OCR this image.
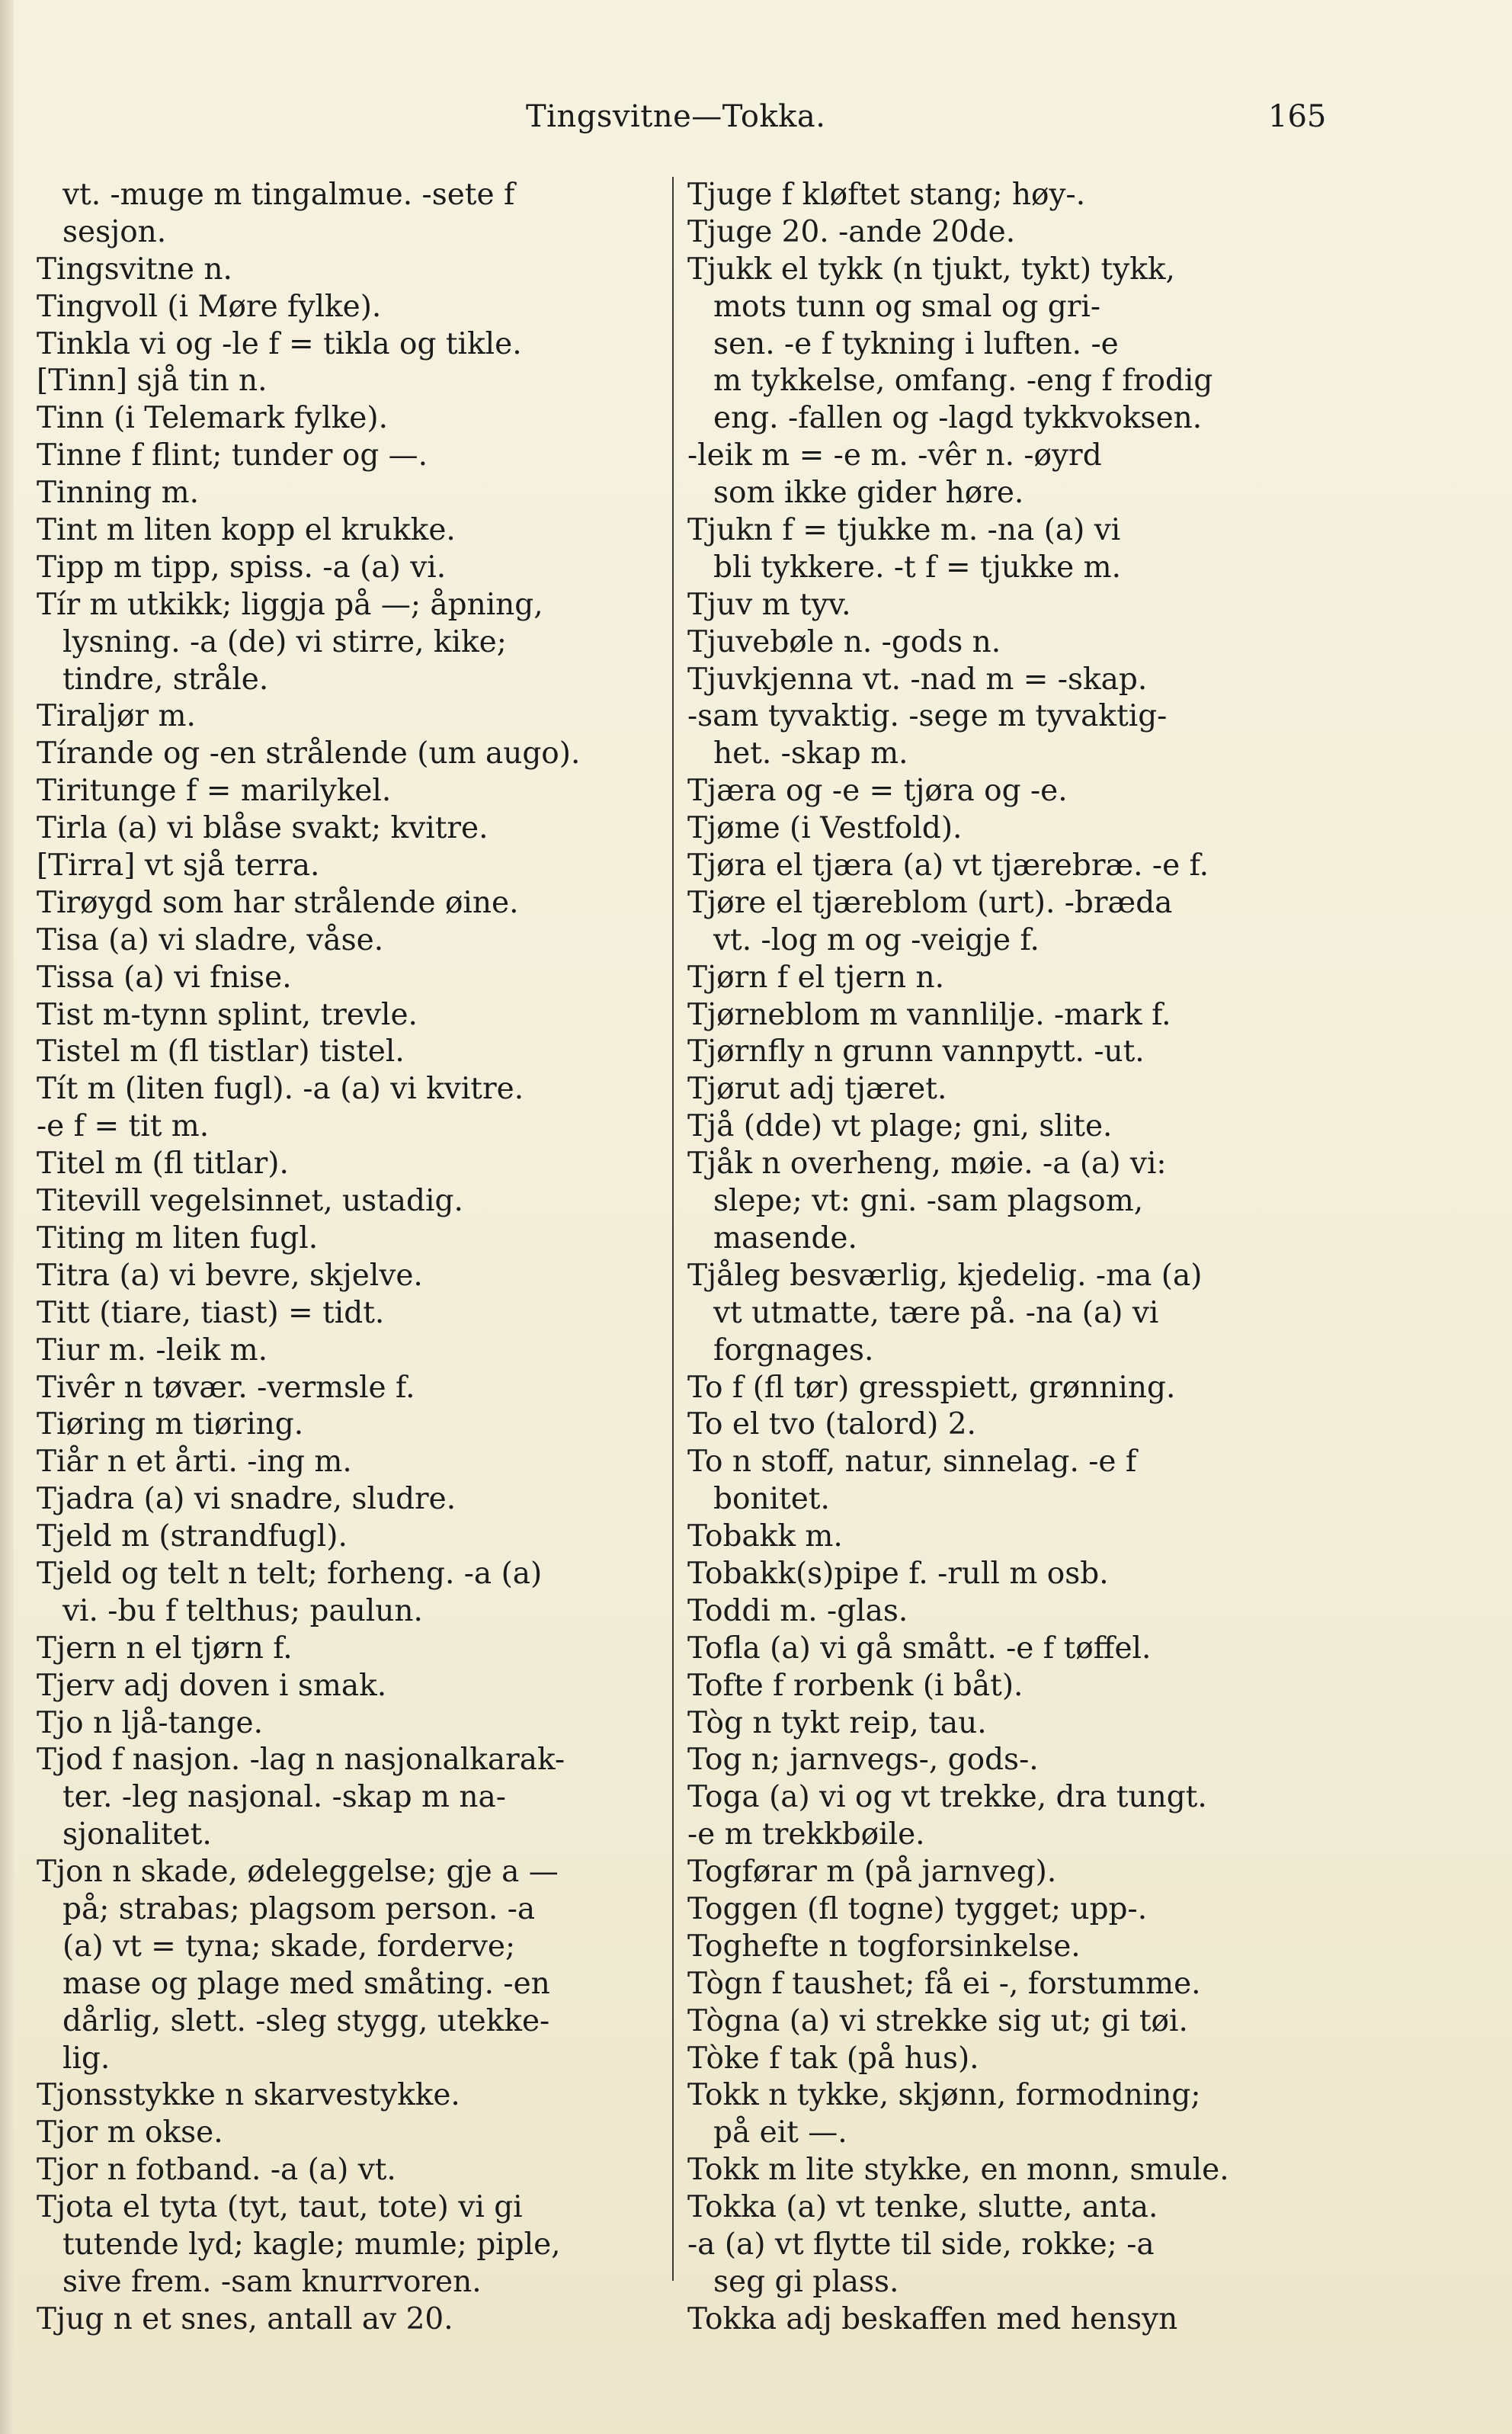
Tingsvitne—Tokka.	165
vt. -muge m tingalmue. -sete f
sesjon.
Tingsvitne n.
Tingvoll (i Møre fylke).
Tinkla vi og -le f = tikla og tikle.
[Tinn] sjå tin n.
Tinn (i Telemark fylke).
Tinne f flint; tunder og —.
Tinning m.
Tint m liten kopp el krukke.
Tipp m tipp, spiss. -a (a) vi.
Tír m utkikk; liggja på —; åpning,
lysning. -a (de) vi stirre, kike;
tindre, stråle.
Tiraljør m.
Tírande og -en strålende (um augo).
Tiritunge f = marilykel.
Tirla (a) vi blåse svakt; kvitre.
[Tirra] vt sjå terra.
Tirøygd som har strålende øine.
Tisa (a) vi sladre, våse.
Tissa (a) vi fnise.
Tist m-tynn splint, trevle.
Tistel m (fl tistlar) tistel.
Tít m (liten fugl). -a (a) vi kvitre.
-e f = tit m.
Titel m (fl titlar).
Titevill vegelsinnet, ustadig.
Titing m liten fugl.
Titra (a) vi bevre, skjelve.
Titt (tiare, tiast) = tidt.
Tiur m. -leik m.
Tivêr n tøvær. -vermsle f.
Tiøring m tiøring.
Tiår n et årti. -ing m.
Tjadra (a) vi snadre, sludre.
Tjeld m (strandfugl).
Tjeld og telt n telt; forheng. -a (a)
vi. -bu f telthus; paulun.
Tjern n el tjørn f.
Tjerv adj doven i smak.
Tjo n ljå-tange.
Tjod f nasjon. -lag n nasjonalkarak-
ter. -leg nasjonal. -skap m na-
sjonalitet.
Tjon n skade, ødeleggelse; gje a —
på; strabas; plagsom person. -a
(a) vt = tyna; skade, forderve;
mase og plage med småting. -en
dårlig, slett. -sleg stygg, utekke-
lig.
Tjonsstykke n skarvestykke.
Tjor m okse.
Tjor n fotband. -a (a) vt.
Tjota el tyta (tyt, taut, tote) vi gi
tutende lyd; kagle; mumle; piple,
sive frem. -sam knurrvoren.
Tjug n et snes, antall av 20.
Tjuge f kløftet stang; høy-.
Tjuge 20. -ande 20de.
Tjukk el tykk (n tjukt, tykt) tykk,
mots tunn og smal og gri-
sen. -e f tykning i luften. -e
m tykkelse, omfang. -eng f frodig
eng. -fallen og -lagd tykkvoksen.
-leik m = -e m. -vêr n. -øyrd
som ikke gider høre.
Tjukn f = tjukke m. -na (a) vi
bli tykkere. -t f = tjukke m.
Tjuv m tyv.
Tjuvebøle n. -gods n.
Tjuvkjenna vt. -nad m = -skap.
-sam tyvaktig. -sege m tyvaktig-
het. -skap m.
Tjæra og -e = tjøra og -e.
Tjøme (i Vestfold).
Tjøra el tjæra (a) vt tjærebræ. -e f.
Tjøre el tjæreblom (urt). -bræda
vt. -log m og -veigje f.
Tjørn f el tjern n.
Tjørneblom m vannlilje. -mark f.
Tjørnfly n grunn vannpytt. -ut.
Tjørut adj tjæret.
Tjå (dde) vt plage; gni, slite.
Tjåk n overheng, møie. -a (a) vi:
slepe; vt: gni. -sam plagsom,
masende.
Tjåleg besværlig, kjedelig. -ma (a)
vt utmatte, tære på. -na (a) vi
forgnages.
To f (fl tør) gresspiett, grønning.
To el tvo (talord) 2.
To n stoff, natur, sinnelag. -e f
bonitet.
Tobakk m.
Tobakk(s)pipe f. -rull m osb.
Toddi m. -glas.
Tofla (a) vi gå smått. -e f tøffel.
Tofte f rorbenk (i båt).
Tòg n tykt reip, tau.
Tog n; jarnvegs-, gods-.
Toga (a) vi og vt trekke, dra tungt.
-e m trekkbøile.
Togførar m (på jarnveg).
Toggen (fl togne) tygget; upp-.
Toghefte n togforsinkelse.
Tògn f taushet; få ei -, forstumme.
Tògna (a) vi strekke sig ut; gi tøi.
Tòke f tak (på hus).
Tokk n tykke, skjønn, formodning;
på eit —.
Tokk m lite stykke, en monn, smule.
Tokka (a) vt tenke, slutte, anta.
-a (a) vt flytte til side, rokke; -a
seg gi plass.
Tokka adj beskaffen med hensyn
